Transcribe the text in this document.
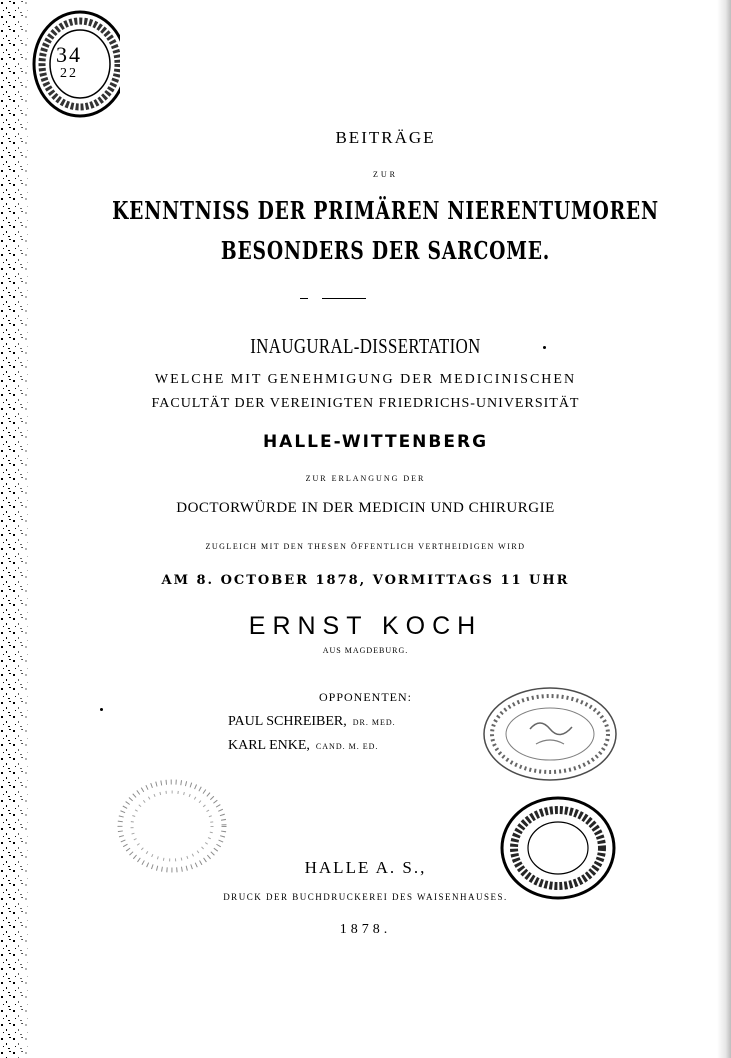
34
22
BEITRÄGE
ZUR
KENNTNISS DER PRIMÄREN NIERENTUMOREN
BESONDERS DER SARCOME.
INAUGURAL-DISSERTATION
WELCHE MIT GENEHMIGUNG DER MEDICINISCHEN
FACULTÄT DER VEREINIGTEN FRIEDRICHS-UNIVERSITÄT
HALLE-WITTENBERG
ZUR ERLANGUNG DER
DOCTORWÜRDE IN DER MEDICIN UND CHIRURGIE
ZUGLEICH MIT DEN THESEN ÖFFENTLICH VERTHEIDIGEN WIRD
AM 8. OCTOBER 1878, VORMITTAGS 11 UHR
ERNST KOCH
AUS MAGDEBURG.
OPPONENTEN:
PAUL SCHREIBER, DR. MED.
KARL ENKE, CAND. M. ED.
HALLE A. S.,
DRUCK DER BUCHDRUCKEREI DES WAISENHAUSES.
1878.
